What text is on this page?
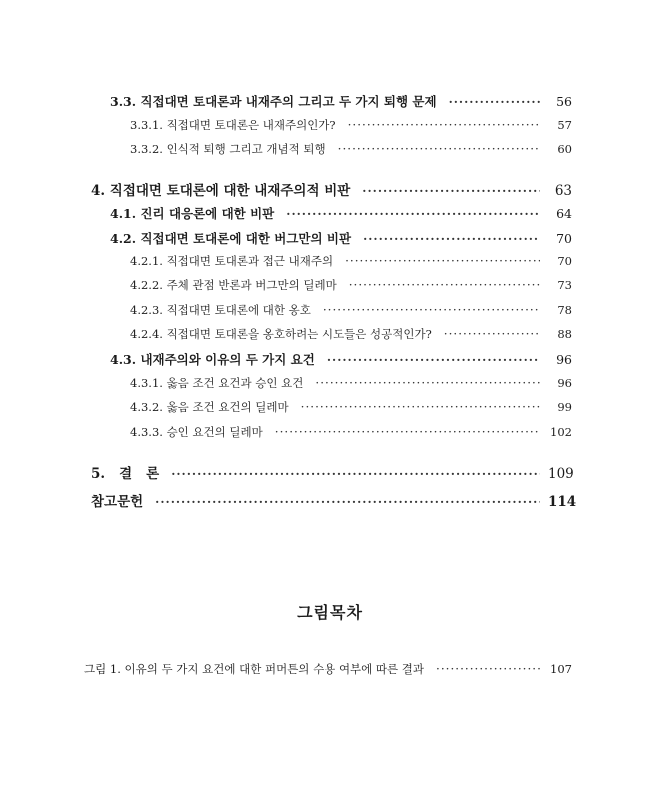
3.3. 직접대면 토대론과 내재주의 그리고 두 가지 퇴행 문제 ·····	56
3.3.1. 직접대면 토대론은 내재주의인가? ·····	57
3.3.2. 인식적 퇴행 그리고 개념적 퇴행 ·····	60
4. 직접대면 토대론에 대한 내재주의적 비판 ·····	63
4.1. 진리 대응론에 대한 비판 ·····	64
4.2. 직접대면 토대론에 대한 버그만의 비판 ·····	70
4.2.1. 직접대면 토대론과 접근 내재주의 ·····	70
4.2.2. 주체 관점 반론과 버그만의 딜레마 ·····	73
4.2.3. 직접대면 토대론에 대한 옹호 ·····	78
4.2.4. 직접대면 토대론을 옹호하려는 시도들은 성공적인가? ·····	88
4.3. 내재주의와 이유의 두 가지 요건 ·····	96
4.3.1. 옳음 조건 요건과 승인 요건 ·····	96
4.3.2. 옳음 조건 요건의 딜레마 ·····	99
4.3.3. 승인 요건의 딜레마 ·····	102
5. 결 론 ·····	109
참고문헌 ·····	114
그림목차
그림 1. 이유의 두 가지 요건에 대한 퍼머튼의 수용 여부에 따른 결과 ·····	107
